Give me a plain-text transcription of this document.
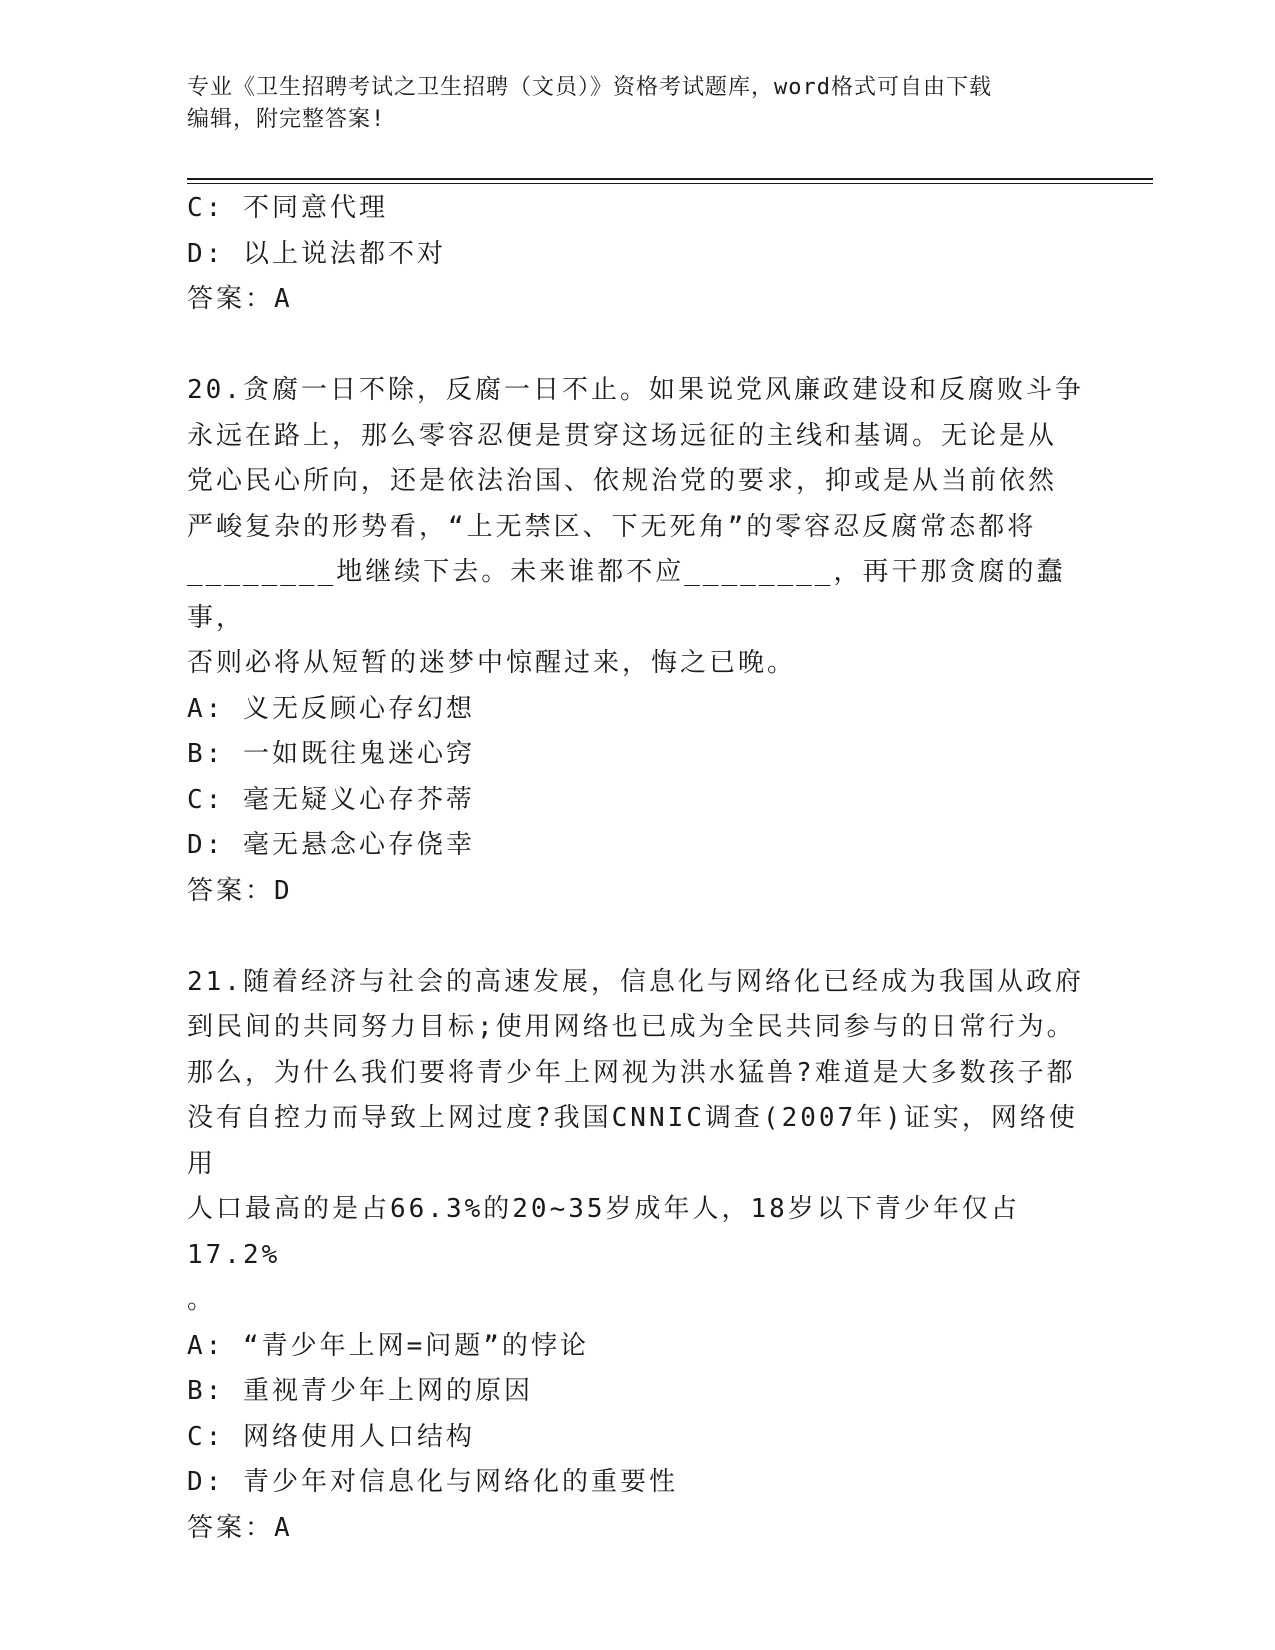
专业《卫生招聘考试之卫生招聘（文员）》资格考试题库，word格式可自由下载
编辑，附完整答案!
C: 不同意代理
D: 以上说法都不对
答案：A
20.贪腐一日不除，反腐一日不止。如果说党风廉政建设和反腐败斗争
永远在路上，那么零容忍便是贯穿这场远征的主线和基调。无论是从
党心民心所向，还是依法治国、依规治党的要求，抑或是从当前依然
严峻复杂的形势看，“上无禁区、下无死角”的零容忍反腐常态都将
________地继续下去。未来谁都不应________，再干那贪腐的蠢事，
否则必将从短暂的迷梦中惊醒过来，悔之已晚。
A: 义无反顾心存幻想
B: 一如既往鬼迷心窍
C: 毫无疑义心存芥蒂
D: 毫无悬念心存侥幸
答案：D
21.随着经济与社会的高速发展，信息化与网络化已经成为我国从政府
到民间的共同努力目标;使用网络也已成为全民共同参与的日常行为。
那么，为什么我们要将青少年上网视为洪水猛兽?难道是大多数孩子都
没有自控力而导致上网过度?我国CNNIC调查(2007年)证实，网络使用
人口最高的是占66.3%的20~35岁成年人，18岁以下青少年仅占17.2%
。
A: “青少年上网=问题”的悖论
B: 重视青少年上网的原因
C: 网络使用人口结构
D: 青少年对信息化与网络化的重要性
答案：A
